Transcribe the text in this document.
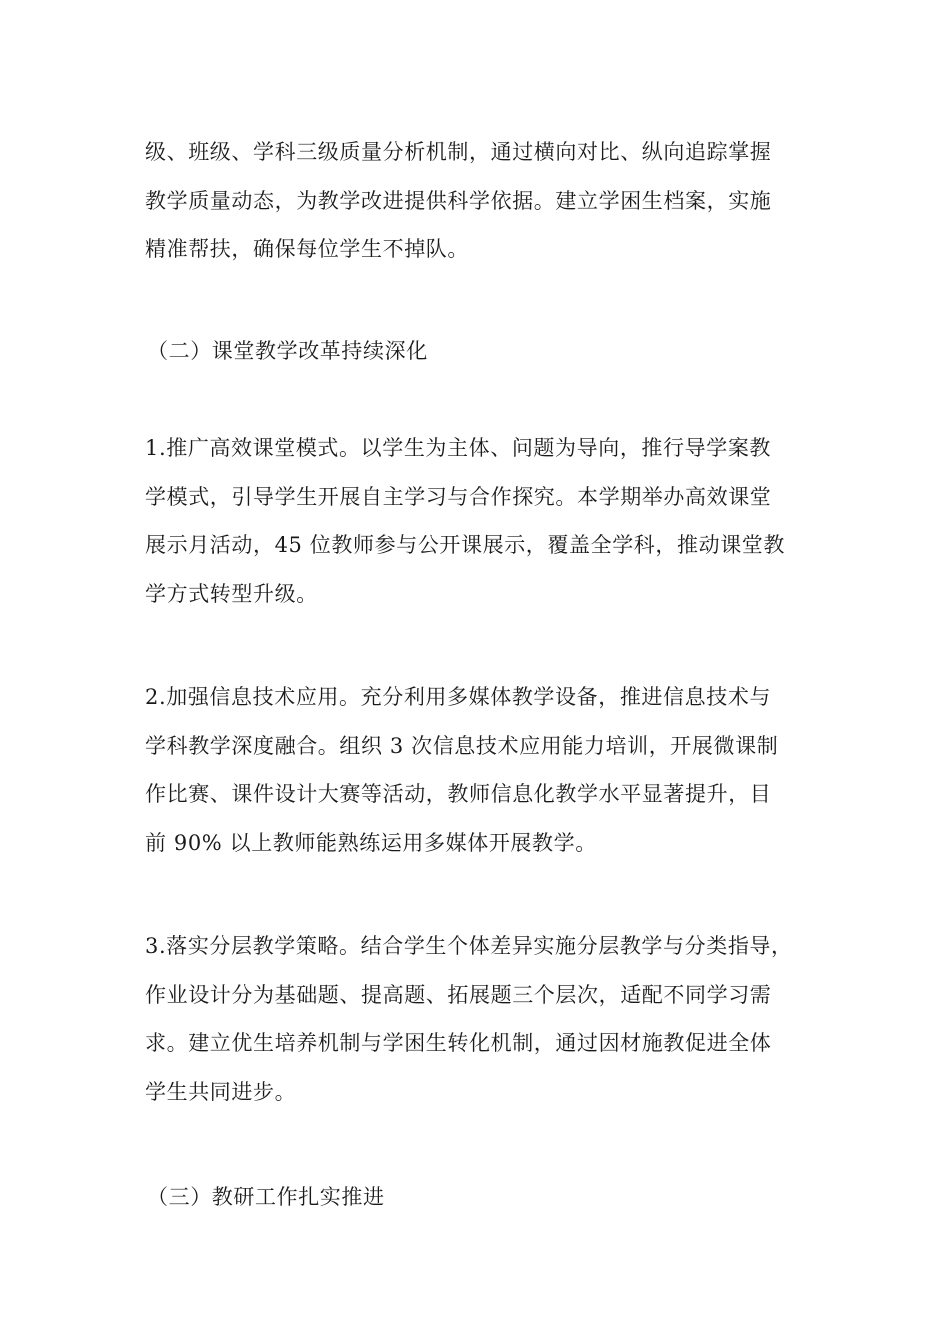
级、班级、学科三级质量分析机制，通过横向对比、纵向追踪掌握
教学质量动态，为教学改进提供科学依据。建立学困生档案，实施
精准帮扶，确保每位学生不掉队。

（二）课堂教学改革持续深化

1.推广高效课堂模式。以学生为主体、问题为导向，推行导学案教
学模式，引导学生开展自主学习与合作探究。本学期举办高效课堂
展示月活动，45 位教师参与公开课展示，覆盖全学科，推动课堂教
学方式转型升级。

2.加强信息技术应用。充分利用多媒体教学设备，推进信息技术与
学科教学深度融合。组织 3 次信息技术应用能力培训，开展微课制
作比赛、课件设计大赛等活动，教师信息化教学水平显著提升，目
前 90% 以上教师能熟练运用多媒体开展教学。

3.落实分层教学策略。结合学生个体差异实施分层教学与分类指导，
作业设计分为基础题、提高题、拓展题三个层次，适配不同学习需
求。建立优生培养机制与学困生转化机制，通过因材施教促进全体
学生共同进步。

（三）教研工作扎实推进
